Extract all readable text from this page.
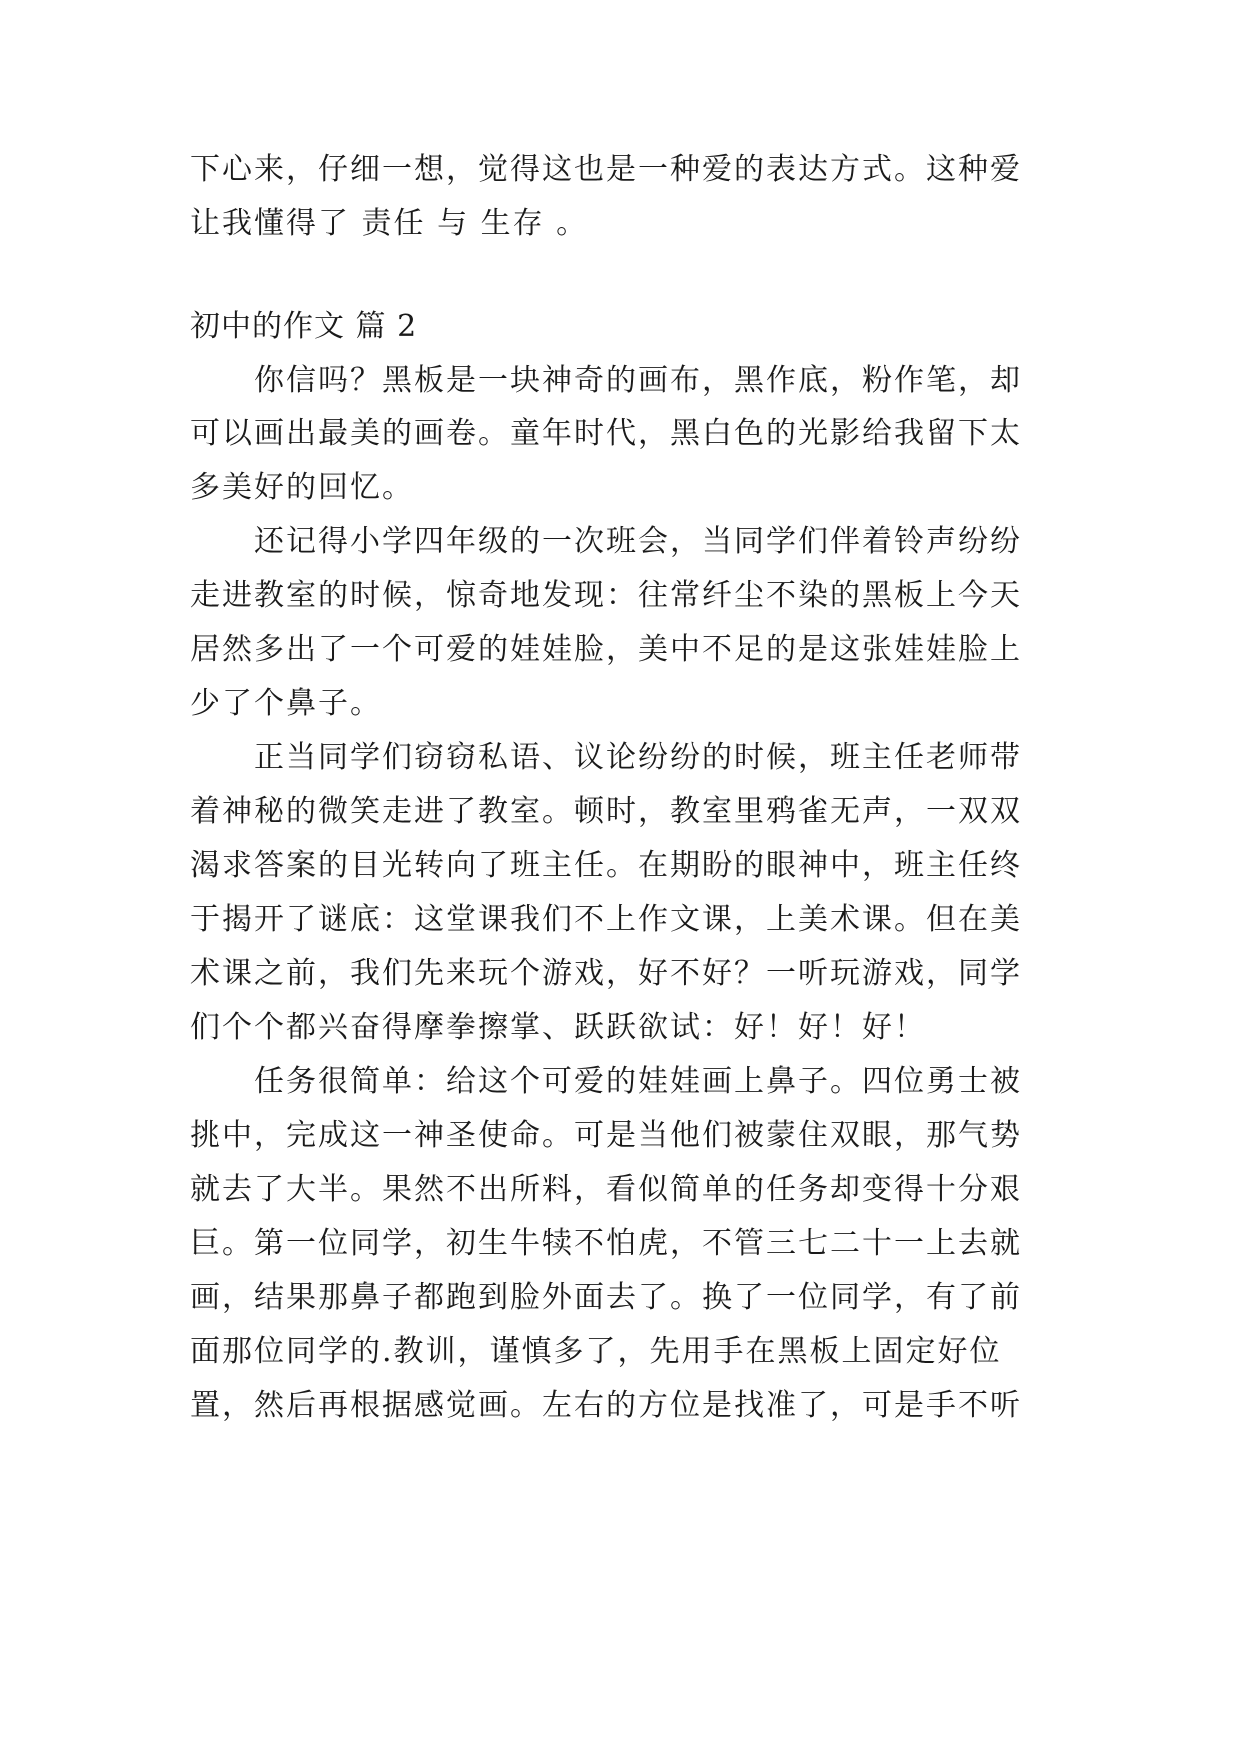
下心来，仔细一想，觉得这也是一种爱的表达方式。这种爱
让我懂得了 责任 与 生存 。
初中的作文 篇 2
你信吗？黑板是一块神奇的画布，黑作底，粉作笔，却
可以画出最美的画卷。童年时代，黑白色的光影给我留下太
多美好的回忆。
还记得小学四年级的一次班会，当同学们伴着铃声纷纷
走进教室的时候，惊奇地发现：往常纤尘不染的黑板上今天
居然多出了一个可爱的娃娃脸，美中不足的是这张娃娃脸上
少了个鼻子。
正当同学们窃窃私语、议论纷纷的时候，班主任老师带
着神秘的微笑走进了教室。顿时，教室里鸦雀无声，一双双
渴求答案的目光转向了班主任。在期盼的眼神中，班主任终
于揭开了谜底：这堂课我们不上作文课，上美术课。但在美
术课之前，我们先来玩个游戏，好不好？一听玩游戏，同学
们个个都兴奋得摩拳擦掌、跃跃欲试：好！好！好！
任务很简单：给这个可爱的娃娃画上鼻子。四位勇士被
挑中，完成这一神圣使命。可是当他们被蒙住双眼，那气势
就去了大半。果然不出所料，看似简单的任务却变得十分艰
巨。第一位同学，初生牛犊不怕虎，不管三七二十一上去就
画，结果那鼻子都跑到脸外面去了。换了一位同学，有了前
面那位同学的.教训，谨慎多了，先用手在黑板上固定好位
置，然后再根据感觉画。左右的方位是找准了，可是手不听
